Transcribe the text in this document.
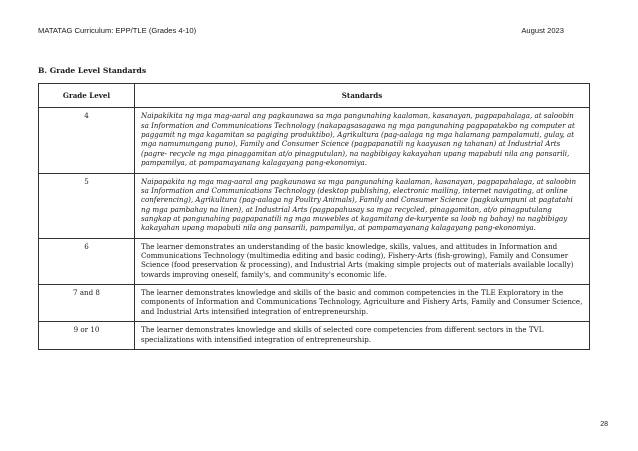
MATATAG Curriculum: EPP/TLE (Grades 4-10)	August 2023
B. Grade Level Standards
Grade Level	Standards
4	Naipakikita ng mga mag-aaral ang pagkaunawa sa mga pangunahing kaalaman, kasanayan, pagpapahalaga, at saloobin sa Information and Communications Technology (nakapagsasagawa ng mga pangunahing pagpapatakbo ng computer at paggamit ng mga kagamitan sa pagiging produktibo), Agrikultura (pag-aalaga ng mga halamang pampalamuti, gulay, at mga namumungang puno), Family and Consumer Science (pagpapanatili ng kaayusan ng tahanan) at Industrial Arts (pagre- recycle ng mga pinaggamitan at/o pinagputulan), na nagbibigay kakayahan upang mapabuti nila ang pansarili, pampamilya, at pampamayanang kalagayang pang-ekonomiya.
5	Naipapakita ng mga mag-aaral ang pagkaunawa sa mga pangunahing kaalaman, kasanayan, pagpapahalaga, at saloobin sa Information and Communications Technology (desktop publishing, electronic mailing, internet navigating, at online conferencing), Agrikultura (pag-aalaga ng Poultry Animals), Family and Consumer Science (pagkukumpuni at pagtatahi ng mga pambahay na linen), at Industrial Arts (pagpapahusay sa mga recycled, pinaggamitan, at/o pinagputulang sangkap at pangunahing pagpapanatili ng mga muwebles at kagamitang de-kuryente sa loob ng bahay) na nagbibigay kakayahan upang mapabuti nila ang pansarili, pampamilya, at pampamayanang kalagayang pang-ekonomiya.
6	The learner demonstrates an understanding of the basic knowledge, skills, values, and attitudes in Information and Communications Technology (multimedia editing and basic coding), Fishery-Arts (fish-growing), Family and Consumer Science (food preservation & processing), and Industrial Arts (making simple projects out of materials available locally) towards improving oneself, family's, and community's economic life.
7 and 8	The learner demonstrates knowledge and skills of the basic and common competencies in the TLE Exploratory in the components of Information and Communications Technology, Agriculture and Fishery Arts, Family and Consumer Science, and Industrial Arts intensified integration of entrepreneurship.
9 or 10	The learner demonstrates knowledge and skills of selected core competencies from different sectors in the TVL specializations with intensified integration of entrepreneurship.
28
